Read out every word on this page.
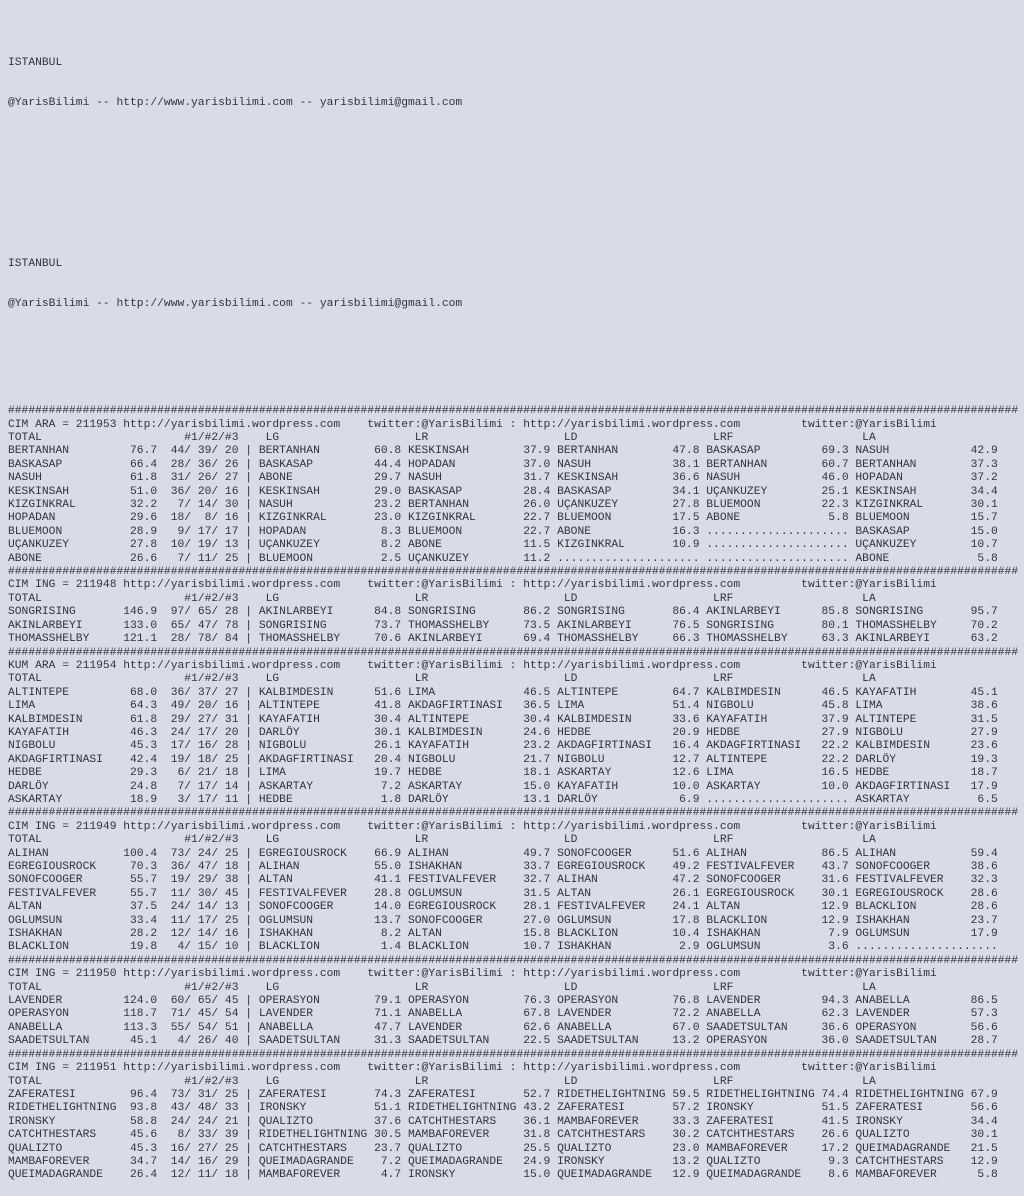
ISTANBUL

@YarisBilimi -- http://www.yarisbilimi.com -- yarisbilimi@gmail.com

ISTANBUL

@YarisBilimi -- http://www.yarisbilimi.com -- yarisbilimi@gmail.com

#####################################################################################################################################################
CIM ARA = 211953 http://yarisbilimi.wordpress.com    twitter:@YarisBilimi : http://yarisbilimi.wordpress.com         twitter:@YarisBilimi
TOTAL                     #1/#2/#3    LG                    LR                    LD                    LRF                   LA
BERTANHAN         76.7  44/ 39/ 20 | BERTANHAN        60.8 KESKINSAH        37.9 BERTANHAN        47.8 BASKASAP         69.3 NASUH            42.9
BASKASAP          66.4  28/ 36/ 26 | BASKASAP         44.4 HOPADAN          37.0 NASUH            38.1 BERTANHAN        60.7 BERTANHAN        37.3
NASUH             61.8  31/ 26/ 27 | ABONE            29.7 NASUH            31.7 KESKINSAH        36.6 NASUH            46.0 HOPADAN          37.2
KESKINSAH         51.0  36/ 20/ 16 | KESKINSAH        29.0 BASKASAP         28.4 BASKASAP         34.1 UÇANKUZEY        25.1 KESKINSAH        34.4
KIZGINKRAL        32.2   7/ 14/ 30 | NASUH            23.2 BERTANHAN        26.0 UÇANKUZEY        27.8 BLUEMOON         22.3 KIZGINKRAL       30.1
HOPADAN           29.6  18/  8/ 16 | KIZGINKRAL       23.0 KIZGINKRAL       22.7 BLUEMOON         17.5 ABONE             5.8 BLUEMOON         15.7
BLUEMOON          28.9   9/ 17/ 17 | HOPADAN           8.3 BLUEMOON         22.7 ABONE            16.3 ..................... BASKASAP         15.0
UÇANKUZEY         27.8  10/ 19/ 13 | UÇANKUZEY         8.2 ABONE            11.5 KIZGINKRAL       10.9 ..................... UÇANKUZEY        10.7
ABONE             26.6   7/ 11/ 25 | BLUEMOON          2.5 UÇANKUZEY        11.2 ..................... ..................... ABONE             5.8
#####################################################################################################################################################
CIM ING = 211948 http://yarisbilimi.wordpress.com    twitter:@YarisBilimi : http://yarisbilimi.wordpress.com         twitter:@YarisBilimi
TOTAL                     #1/#2/#3    LG                    LR                    LD                    LRF                   LA
SONGRISING       146.9  97/ 65/ 28 | AKINLARBEYI      84.8 SONGRISING       86.2 SONGRISING       86.4 AKINLARBEYI      85.8 SONGRISING       95.7
AKINLARBEYI      133.0  65/ 47/ 78 | SONGRISING       73.7 THOMASSHELBY     73.5 AKINLARBEYI      76.5 SONGRISING       80.1 THOMASSHELBY     70.2
THOMASSHELBY     121.1  28/ 78/ 84 | THOMASSHELBY     70.6 AKINLARBEYI      69.4 THOMASSHELBY     66.3 THOMASSHELBY     63.3 AKINLARBEYI      63.2
#####################################################################################################################################################
KUM ARA = 211954 http://yarisbilimi.wordpress.com    twitter:@YarisBilimi : http://yarisbilimi.wordpress.com         twitter:@YarisBilimi
TOTAL                     #1/#2/#3    LG                    LR                    LD                    LRF                   LA
ALTINTEPE         68.0  36/ 37/ 27 | KALBIMDESIN      51.6 LIMA             46.5 ALTINTEPE        64.7 KALBIMDESIN      46.5 KAYAFATIH        45.1
LIMA              64.3  49/ 20/ 16 | ALTINTEPE        41.8 AKDAGFIRTINASI   36.5 LIMA             51.4 NIGBOLU          45.8 LIMA             38.6
KALBIMDESIN       61.8  29/ 27/ 31 | KAYAFATIH        30.4 ALTINTEPE        30.4 KALBIMDESIN      33.6 KAYAFATIH        37.9 ALTINTEPE        31.5
KAYAFATIH         46.3  24/ 17/ 20 | DARLÖY           30.1 KALBIMDESIN      24.6 HEDBE            20.9 HEDBE            27.9 NIGBOLU          27.9
NIGBOLU           45.3  17/ 16/ 28 | NIGBOLU          26.1 KAYAFATIH        23.2 AKDAGFIRTINASI   16.4 AKDAGFIRTINASI   22.2 KALBIMDESIN      23.6
AKDAGFIRTINASI    42.4  19/ 18/ 25 | AKDAGFIRTINASI   20.4 NIGBOLU          21.7 NIGBOLU          12.7 ALTINTEPE        22.2 DARLÖY           19.3
HEDBE             29.3   6/ 21/ 18 | LIMA             19.7 HEDBE            18.1 ASKARTAY         12.6 LIMA             16.5 HEDBE            18.7
DARLÖY            24.8   7/ 17/ 14 | ASKARTAY          7.2 ASKARTAY         15.0 KAYAFATIH        10.0 ASKARTAY         10.0 AKDAGFIRTINASI   17.9
ASKARTAY          18.9   3/ 17/ 11 | HEDBE             1.8 DARLÖY           13.1 DARLÖY            6.9 ..................... ASKARTAY          6.5
#####################################################################################################################################################
CIM ING = 211949 http://yarisbilimi.wordpress.com    twitter:@YarisBilimi : http://yarisbilimi.wordpress.com         twitter:@YarisBilimi
TOTAL                     #1/#2/#3    LG                    LR                    LD                    LRF                   LA
ALIHAN           100.4  73/ 24/ 25 | EGREGIOUSROCK    66.9 ALIHAN           49.7 SONOFCOOGER      51.6 ALIHAN           86.5 ALIHAN           59.4
EGREGIOUSROCK     70.3  36/ 47/ 18 | ALIHAN           55.0 ISHAKHAN         33.7 EGREGIOUSROCK    49.2 FESTIVALFEVER    43.7 SONOFCOOGER      38.6
SONOFCOOGER       55.7  19/ 29/ 38 | ALTAN            41.1 FESTIVALFEVER    32.7 ALIHAN           47.2 SONOFCOOGER      31.6 FESTIVALFEVER    32.3
FESTIVALFEVER     55.7  11/ 30/ 45 | FESTIVALFEVER    28.8 OGLUMSUN         31.5 ALTAN            26.1 EGREGIOUSROCK    30.1 EGREGIOUSROCK    28.6
ALTAN             37.5  24/ 14/ 13 | SONOFCOOGER      14.0 EGREGIOUSROCK    28.1 FESTIVALFEVER    24.1 ALTAN            12.9 BLACKLION        28.6
OGLUMSUN          33.4  11/ 17/ 25 | OGLUMSUN         13.7 SONOFCOOGER      27.0 OGLUMSUN         17.8 BLACKLION        12.9 ISHAKHAN         23.7
ISHAKHAN          28.2  12/ 14/ 16 | ISHAKHAN          8.2 ALTAN            15.8 BLACKLION        10.4 ISHAKHAN          7.9 OGLUMSUN         17.9
BLACKLION         19.8   4/ 15/ 10 | BLACKLION         1.4 BLACKLION        10.7 ISHAKHAN          2.9 OGLUMSUN          3.6 .....................
#####################################################################################################################################################
CIM ING = 211950 http://yarisbilimi.wordpress.com    twitter:@YarisBilimi : http://yarisbilimi.wordpress.com         twitter:@YarisBilimi
TOTAL                     #1/#2/#3    LG                    LR                    LD                    LRF                   LA
LAVENDER         124.0  60/ 65/ 45 | OPERASYON        79.1 OPERASYON        76.3 OPERASYON        76.8 LAVENDER         94.3 ANABELLA         86.5
OPERASYON        118.7  71/ 45/ 54 | LAVENDER         71.1 ANABELLA         67.8 LAVENDER         72.2 ANABELLA         62.3 LAVENDER         57.3
ANABELLA         113.3  55/ 54/ 51 | ANABELLA         47.7 LAVENDER         62.6 ANABELLA         67.0 SAADETSULTAN     36.6 OPERASYON        56.6
SAADETSULTAN      45.1   4/ 26/ 40 | SAADETSULTAN     31.3 SAADETSULTAN     22.5 SAADETSULTAN     13.2 OPERASYON        36.0 SAADETSULTAN     28.7
#####################################################################################################################################################
CIM ING = 211951 http://yarisbilimi.wordpress.com    twitter:@YarisBilimi : http://yarisbilimi.wordpress.com         twitter:@YarisBilimi
TOTAL                     #1/#2/#3    LG                    LR                    LD                    LRF                   LA
ZAFERATESI        96.4  73/ 31/ 25 | ZAFERATESI       74.3 ZAFERATESI       52.7 RIDETHELIGHTNING 59.5 RIDETHELIGHTNING 74.4 RIDETHELIGHTNING 67.9
RIDETHELIGHTNING  93.8  43/ 48/ 33 | IRONSKY          51.1 RIDETHELIGHTNING 43.2 ZAFERATESI       57.2 IRONSKY          51.5 ZAFERATESI       56.6
IRONSKY           58.8  24/ 24/ 21 | QUALIZTO         37.6 CATCHTHESTARS    36.1 MAMBAFOREVER     33.3 ZAFERATESI       41.5 IRONSKY          34.4
CATCHTHESTARS     45.6   8/ 33/ 39 | RIDETHELIGHTNING 30.5 MAMBAFOREVER     31.8 CATCHTHESTARS    30.2 CATCHTHESTARS    26.6 QUALIZTO         30.1
QUALIZTO          45.3  16/ 27/ 25 | CATCHTHESTARS    23.7 QUALIZTO         25.5 QUALIZTO         23.0 MAMBAFOREVER     17.2 QUEIMADAGRANDE   21.5
MAMBAFOREVER      34.7  14/ 16/ 29 | QUEIMADAGRANDE    7.2 QUEIMADAGRANDE   24.9 IRONSKY          13.2 QUALIZTO          9.3 CATCHTHESTARS    12.9
QUEIMADAGRANDE    26.4  12/ 11/ 18 | MAMBAFOREVER      4.7 IRONSKY          15.0 QUEIMADAGRANDE   12.9 QUEIMADAGRANDE    8.6 MAMBAFOREVER      5.8
